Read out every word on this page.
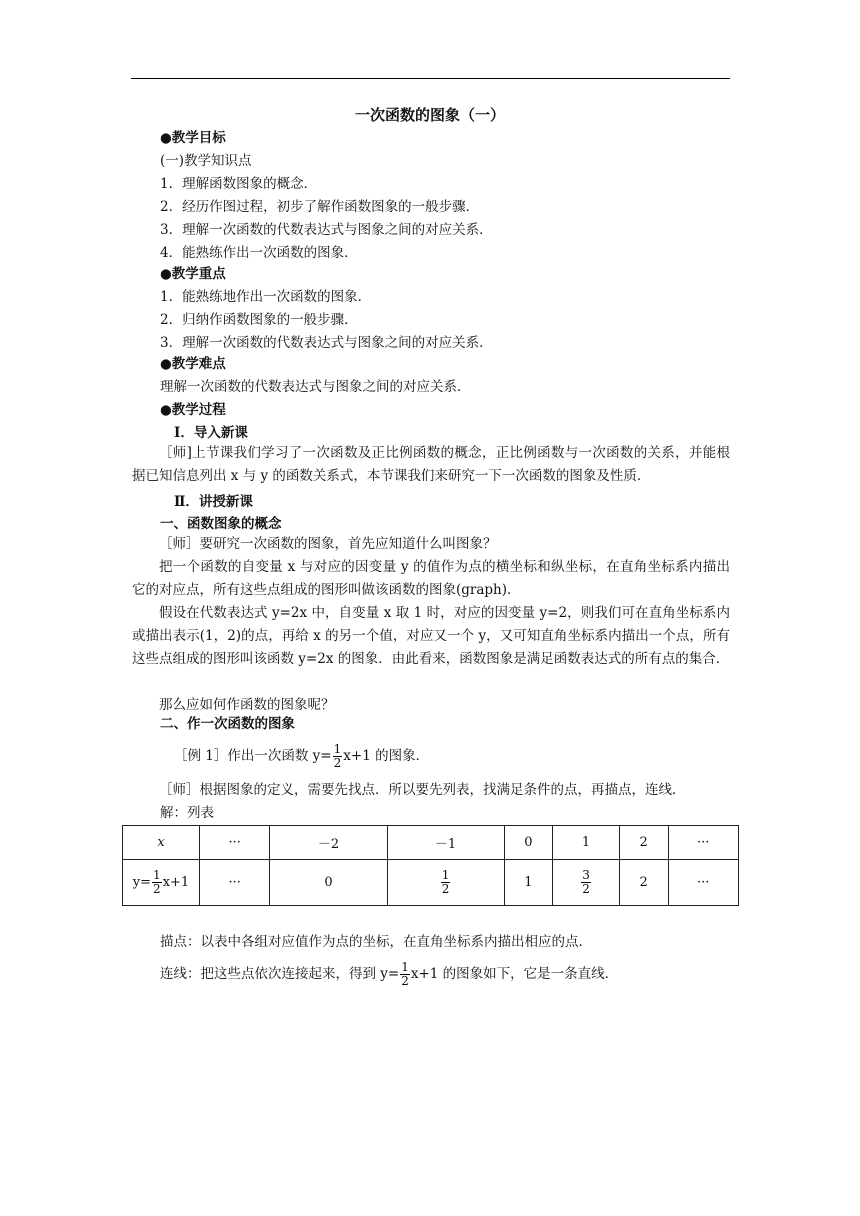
一次函数的图象（一）
●教学目标
(一)教学知识点
1．理解函数图象的概念．
2．经历作图过程，初步了解作函数图象的一般步骤．
3．理解一次函数的代数表达式与图象之间的对应关系．
4．能熟练作出一次函数的图象．
●教学重点
1．能熟练地作出一次函数的图象．
2．归纳作函数图象的一般步骤．
3．理解一次函数的代数表达式与图象之间的对应关系．
●教学难点
理解一次函数的代数表达式与图象之间的对应关系．
●教学过程
Ⅰ．导入新课

［师]上节课我们学习了一次函数及正比例函数的概念，正比例函数与一次函数的关系，并能根据已知信息列出 x 与 y 的函数关系式，本节课我们来研究一下一次函数的图象及性质．

Ⅱ．讲授新课
一、函数图象的概念

［师］要研究一次函数的图象，首先应知道什么叫图象？

把一个函数的自变量 x 与对应的因变量 y 的值作为点的横坐标和纵坐标，在直角坐标系内描出它的对应点，所有这些点组成的图形叫做该函数的图象(graph)．

假设在代数表达式 y=2x 中，自变量 x 取 1 时，对应的因变量 y=2，则我们可在直角坐标系内或描出表示(1，2)的点，再给 x 的另一个值，对应又一个 y，又可知直角坐标系内描出一个点，所有这些点组成的图形叫该函数 y=2x 的图象．由此看来，函数图象是满足函数表达式的所有点的集合．

那么应如何作函数的图象呢？

二、作一次函数的图象
［例 1］作出一次函数 $y= \frac{1}{2} x+1$ 的图象．

［师］根据图象的定义，需要先找点．所以要先列表，找满足条件的点，再描点，连线．

解：列表
x	···	－2	－1	0	1	2	···
$y= \frac{1}{2} x+1$	···	0	$\frac{1}{2}$	1	$\frac{3}{2}$	2	···
描点：以表中各组对应值作为点的坐标，在直角坐标系内描出相应的点．
连线：把这些点依次连接起来，得到 $y= \frac{1}{2} x+1$ 的图象如下，它是一条直线．
